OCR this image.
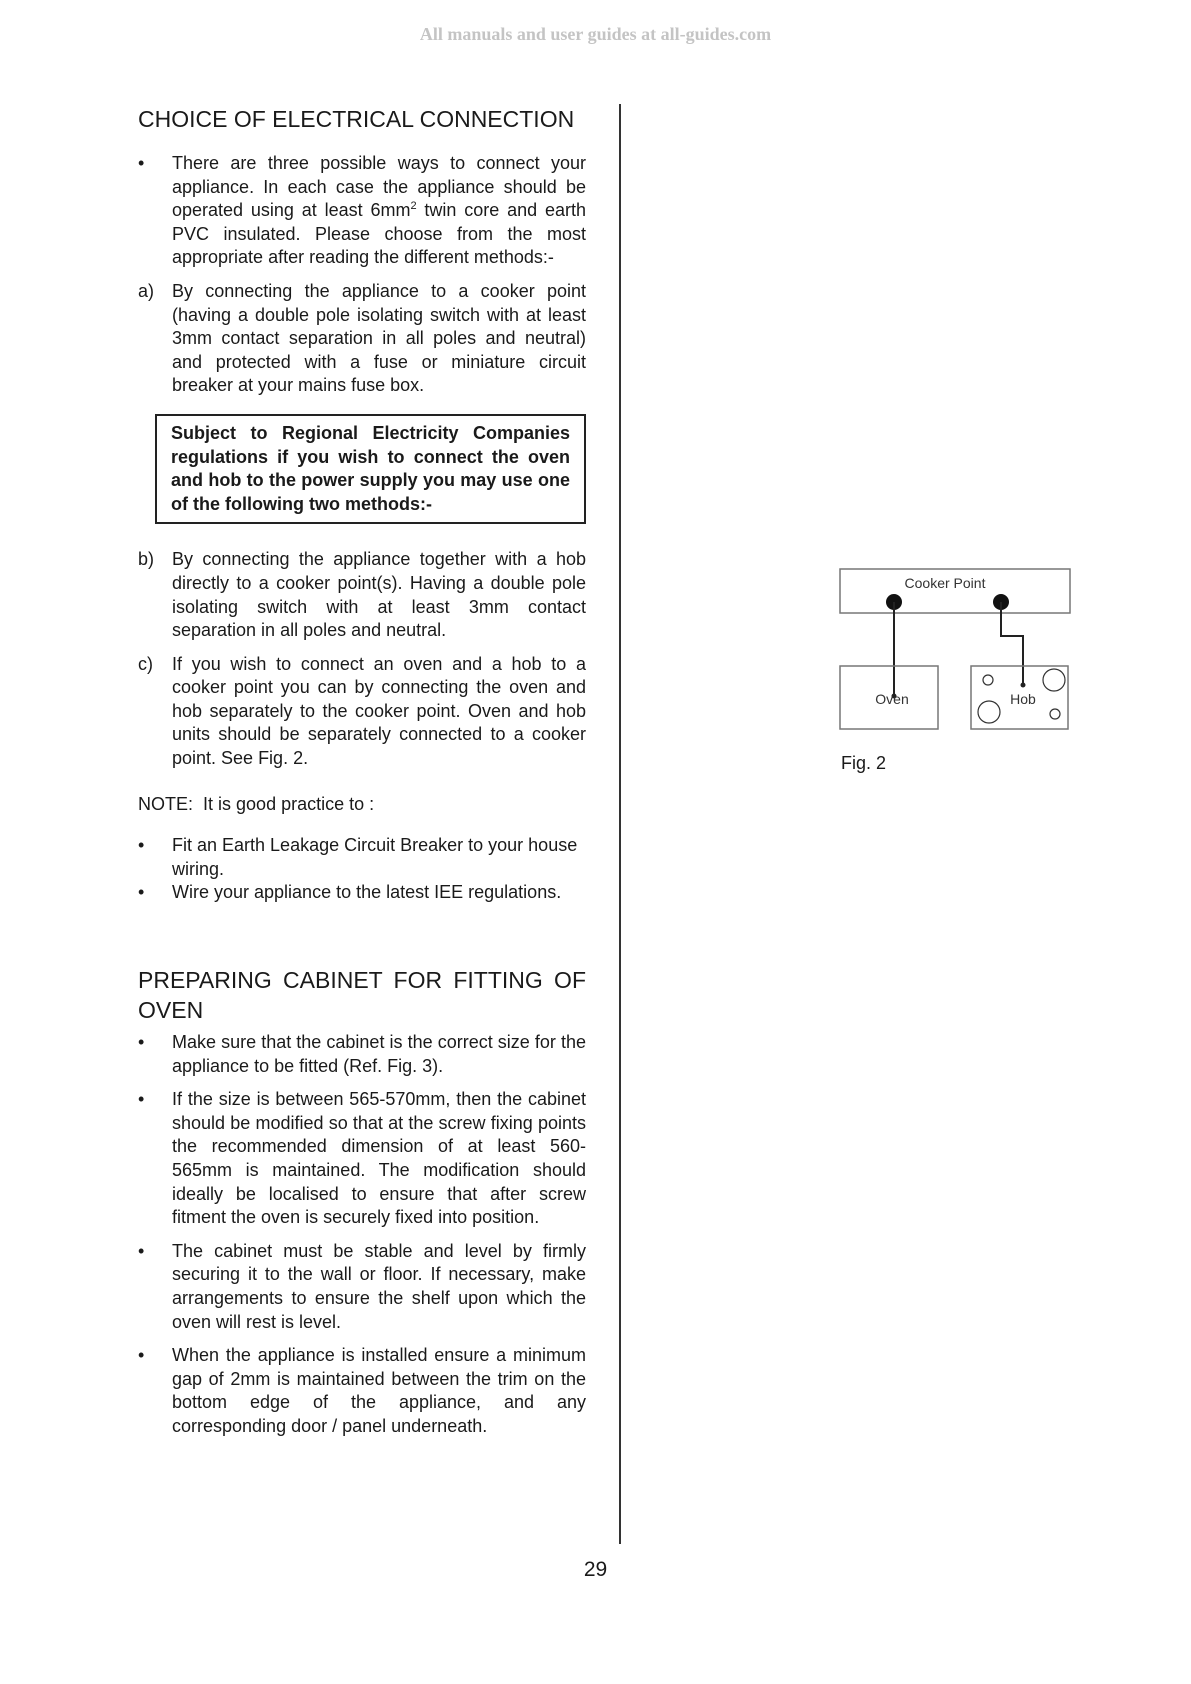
All manuals and user guides at all-guides.com
CHOICE OF ELECTRICAL CONNECTION
• There are three possible ways to connect your appliance. In each case the appliance should be operated using at least $6mm^2$ twin core and earth PVC insulated. Please choose from the most appropriate after reading the different methods:-
a) By connecting the appliance to a cooker point (having a double pole isolating switch with at least 3mm contact separation in all poles and neutral) and protected with a fuse or miniature circuit breaker at your mains fuse box.
Subject to Regional Electricity Companies regulations if you wish to connect the oven and hob to the power supply you may use one of the following two methods:-
b) By connecting the appliance together with a hob directly to a cooker point(s). Having a double pole isolating switch with at least 3mm contact separation in all poles and neutral.
c) If you wish to connect an oven and a hob to a cooker point you can by connecting the oven and hob separately to the cooker point. Oven and hob units should be separately connected to a cooker point. See Fig. 2.
NOTE: It is good practice to :
• Fit an Earth Leakage Circuit Breaker to your house wiring.
• Wire your appliance to the latest IEE regulations.
PREPARING CABINET FOR FITTING OF OVEN
• Make sure that the cabinet is the correct size for the appliance to be fitted (Ref. Fig. 3).
• If the size is between 565-570mm, then the cabinet should be modified so that at the screw fixing points the recommended dimension of at least 560-565mm is maintained. The modification should ideally be localised to ensure that after screw fitment the oven is securely fixed into position.
• The cabinet must be stable and level by firmly securing it to the wall or floor. If necessary, make arrangements to ensure the shelf upon which the oven will rest is level.
• When the appliance is installed ensure a minimum gap of 2mm is maintained between the trim on the bottom edge of the appliance, and any corresponding door / panel underneath.
Cooker Point
Oven	Hob
Fig. 2
29
